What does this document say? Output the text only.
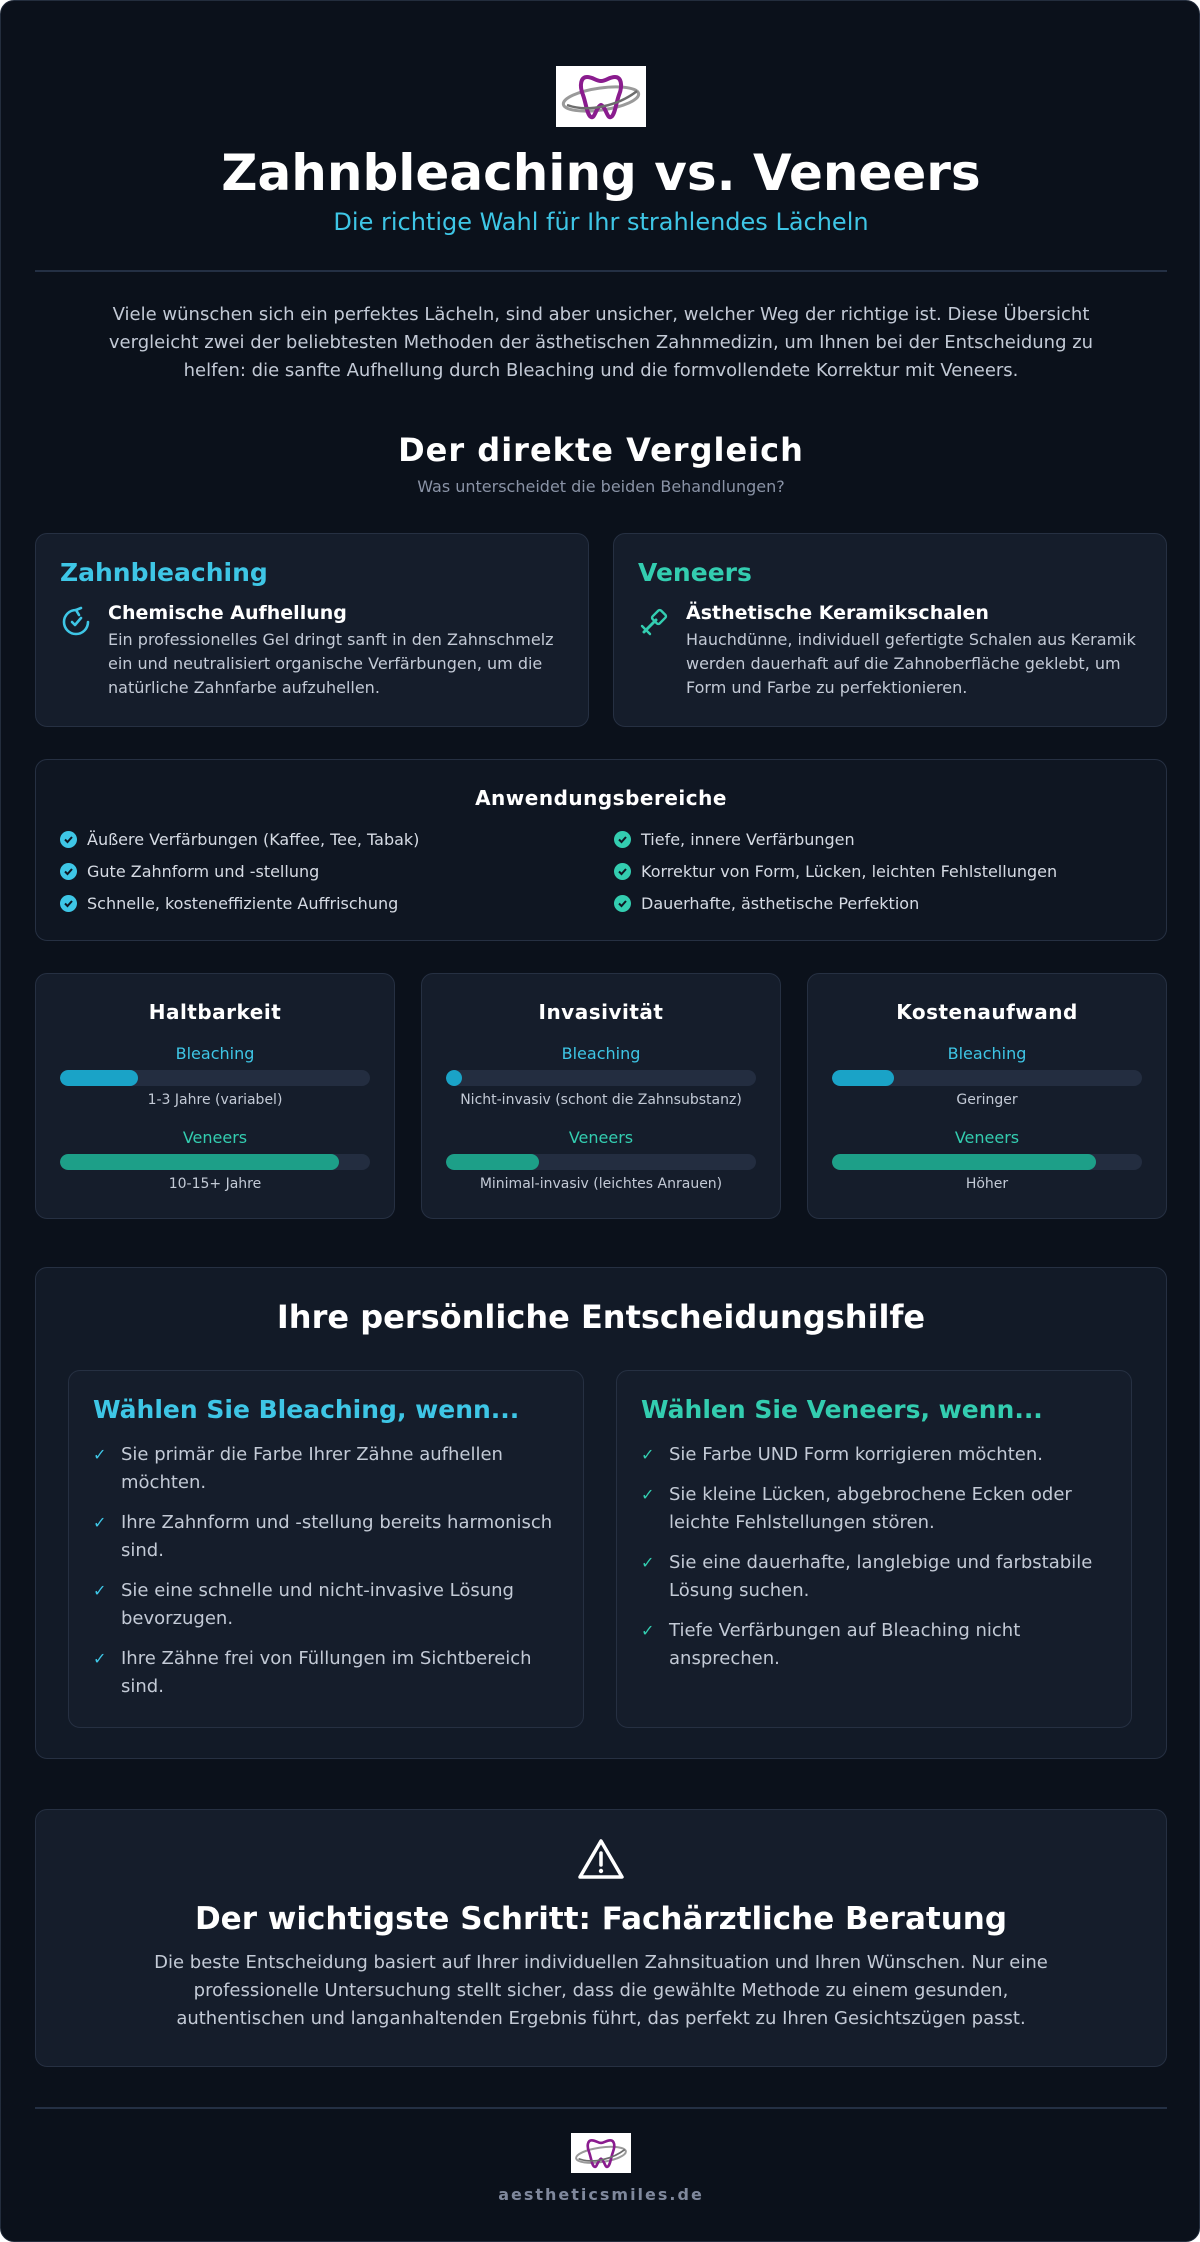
Zahnbleaching vs. Veneers
Die richtige Wahl für Ihr strahlendes Lächeln
Viele wünschen sich ein perfektes Lächeln, sind aber unsicher, welcher Weg der richtige ist. Diese Übersicht vergleicht zwei der beliebtesten Methoden der ästhetischen Zahnmedizin, um Ihnen bei der Entscheidung zu helfen: die sanfte Aufhellung durch Bleaching und die formvollendete Korrektur mit Veneers.
Der direkte Vergleich
Was unterscheidet die beiden Behandlungen?
Zahnbleaching
Chemische Aufhellung
Ein professionelles Gel dringt sanft in den Zahnschmelz ein und neutralisiert organische Verfärbungen, um die natürliche Zahnfarbe aufzuhellen.
Veneers
Ästhetische Keramikschalen
Hauchdünne, individuell gefertigte Schalen aus Keramik werden dauerhaft auf die Zahnoberfläche geklebt, um Form und Farbe zu perfektionieren.
Anwendungsbereiche
Äußere Verfärbungen (Kaffee, Tee, Tabak)
Gute Zahnform und -stellung
Schnelle, kosteneffiziente Auffrischung
Tiefe, innere Verfärbungen
Korrektur von Form, Lücken, leichten Fehlstellungen
Dauerhafte, ästhetische Perfektion
Haltbarkeit
Bleaching
1-3 Jahre (variabel)
Veneers
10-15+ Jahre
Invasivität
Bleaching
Nicht-invasiv (schont die Zahnsubstanz)
Veneers
Minimal-invasiv (leichtes Anrauen)
Kostenaufwand
Bleaching
Geringer
Veneers
Höher
Ihre persönliche Entscheidungshilfe
Wählen Sie Bleaching, wenn...
✓ Sie primär die Farbe Ihrer Zähne aufhellen möchten.
✓ Ihre Zahnform und -stellung bereits harmonisch sind.
✓ Sie eine schnelle und nicht-invasive Lösung bevorzugen.
✓ Ihre Zähne frei von Füllungen im Sichtbereich sind.
Wählen Sie Veneers, wenn...
✓ Sie Farbe UND Form korrigieren möchten.
✓ Sie kleine Lücken, abgebrochene Ecken oder leichte Fehlstellungen stören.
✓ Sie eine dauerhafte, langlebige und farbstabile Lösung suchen.
✓ Tiefe Verfärbungen auf Bleaching nicht ansprechen.
Der wichtigste Schritt: Fachärztliche Beratung
Die beste Entscheidung basiert auf Ihrer individuellen Zahnsituation und Ihren Wünschen. Nur eine professionelle Untersuchung stellt sicher, dass die gewählte Methode zu einem gesunden, authentischen und langanhaltenden Ergebnis führt, das perfekt zu Ihren Gesichtszügen passt.
aestheticsmiles.de
